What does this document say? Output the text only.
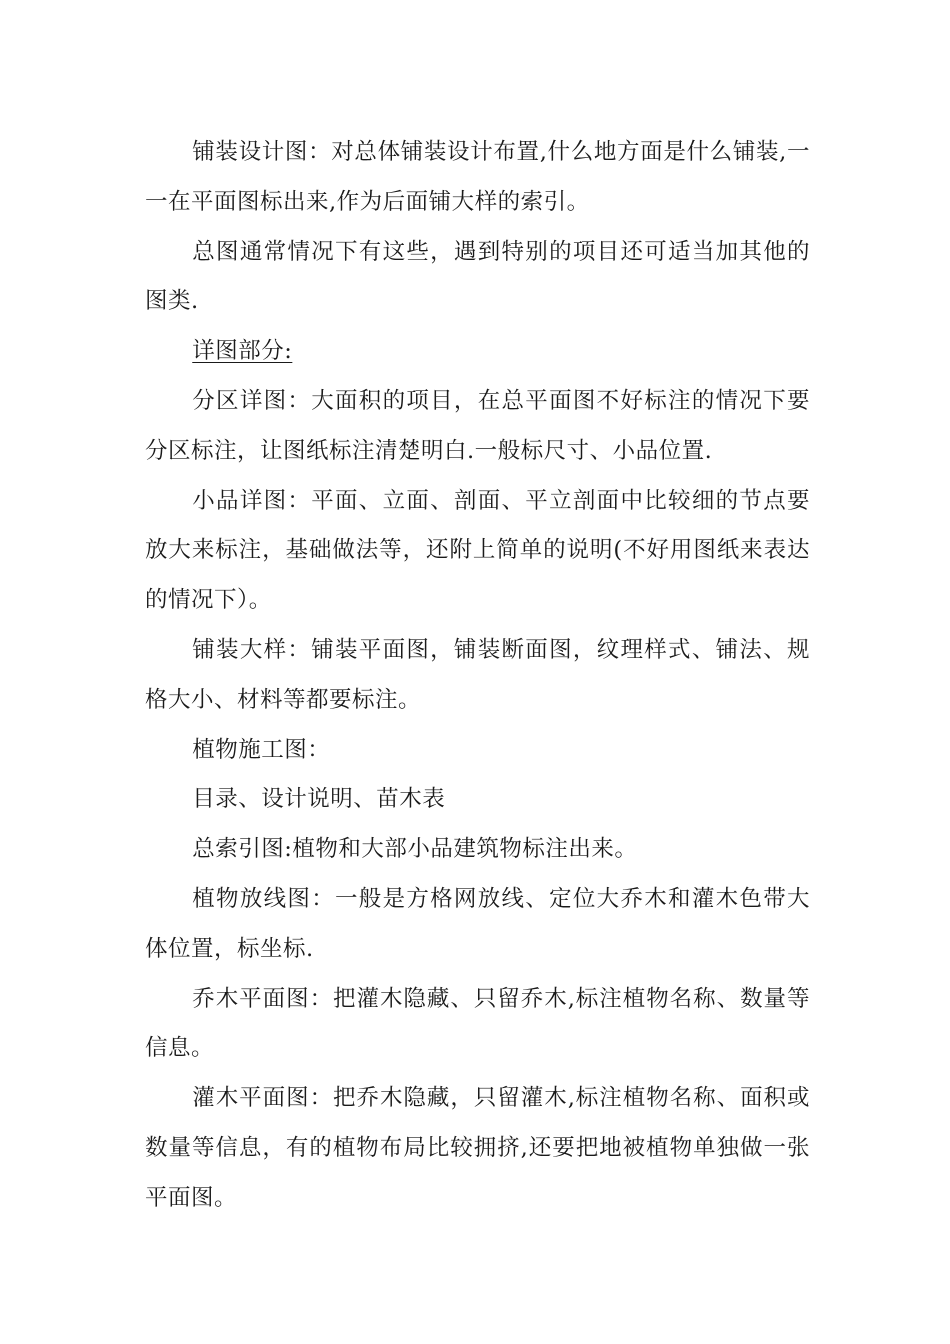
铺装设计图：对总体铺装设计布置,什么地方面是什么铺装,一一在平面图标出来,作为后面铺大样的索引。

总图通常情况下有这些，遇到特别的项目还可适当加其他的图类.

详图部分:

分区详图：大面积的项目，在总平面图不好标注的情况下要分区标注，让图纸标注清楚明白.一般标尺寸、小品位置.

小品详图：平面、立面、剖面、平立剖面中比较细的节点要放大来标注，基础做法等，还附上简单的说明(不好用图纸来表达的情况下）。

铺装大样：铺装平面图，铺装断面图，纹理样式、铺法、规格大小、材料等都要标注。

植物施工图：

目录、设计说明、苗木表

总索引图:植物和大部小品建筑物标注出来。

植物放线图：一般是方格网放线、定位大乔木和灌木色带大体位置，标坐标.

乔木平面图：把灌木隐藏、只留乔木,标注植物名称、数量等信息。

灌木平面图：把乔木隐藏，只留灌木,标注植物名称、面积或数量等信息，有的植物布局比较拥挤,还要把地被植物单独做一张平面图。
